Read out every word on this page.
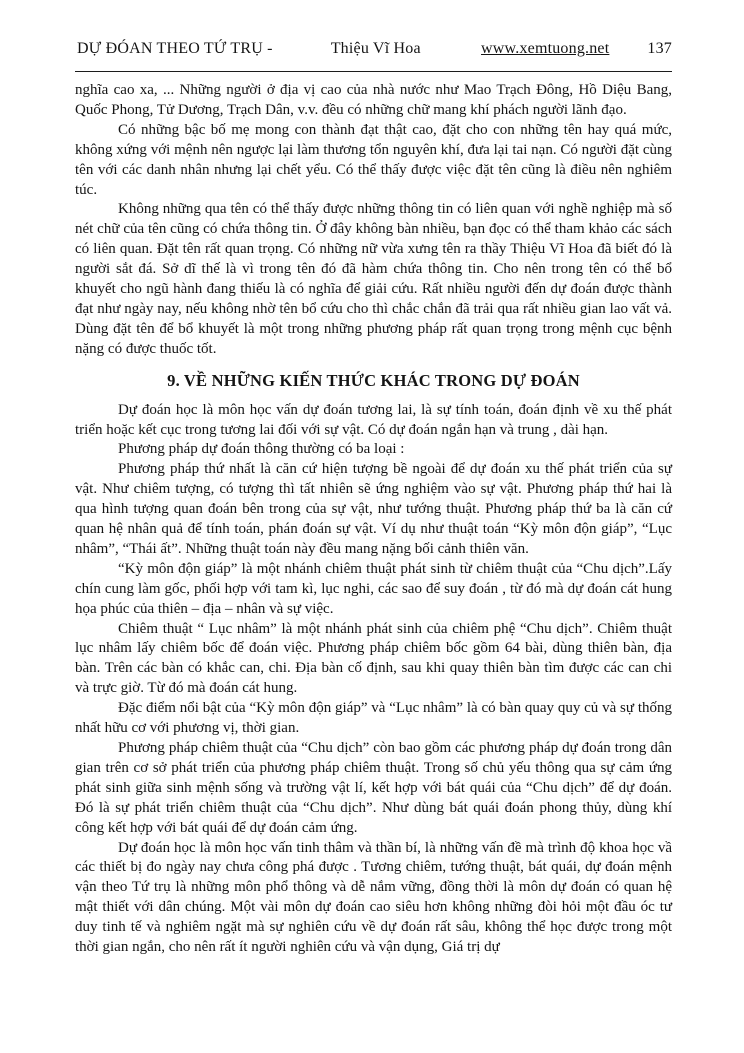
DỰ ĐÓAN THEO TỨ TRỤ -	Thiệu Vĩ Hoa	www.xemtuong.net 137

nghĩa cao xa, ... Những người ở địa vị cao của nhà nước như Mao Trạch Đông, Hồ Diệu Bang, Quốc Phong, Tử Dương, Trạch Dân, v.v. đều có những chữ mang khí phách người lãnh đạo.

Có những bậc bố mẹ mong con thành đạt thật cao, đặt cho con những tên hay quá mức, không xứng với mệnh nên ngược lại làm thương tổn nguyên khí, đưa lại tai nạn. Có người đặt cùng tên với các danh nhân nhưng lại chết yểu. Có thể thấy được việc đặt tên cũng là điều nên nghiêm túc.

Không những qua tên có thể thấy được những thông tin có liên quan với nghề nghiệp mà số nét chữ của tên cũng có chứa thông tin. Ở đây không bàn nhiều, bạn đọc có thể tham khảo các sách có liên quan. Đặt tên rất quan trọng. Có những nữ vừa xưng tên ra thầy Thiệu Vĩ Hoa đã biết đó là người sắt đá. Sở dĩ thế là vì trong tên đó đã hàm chứa thông tin. Cho nên trong tên có thể bổ khuyết cho ngũ hành đang thiếu là có nghĩa để giải cứu. Rất nhiều người đến dự đoán được thành đạt như ngày nay, nếu không nhờ tên bổ cứu cho thì chắc chắn đã trải qua rất nhiều gian lao vất vả. Dùng đặt tên để bổ khuyết là một trong những phương pháp rất quan trọng trong mệnh cục bệnh nặng có được thuốc tốt.

9. VỀ NHỮNG KIẾN THỨC KHÁC TRONG DỰ ĐOÁN

Dự đoán học là môn học vấn dự đoán tương lai, là sự tính toán, đoán định về xu thế phát triển hoặc kết cục trong tương lai đối với sự vật. Có dự đoán ngắn hạn và trung , dài hạn.

Phương pháp dự đoán thông thường có ba loại :

Phương pháp thứ nhất là căn cứ hiện tượng bề ngoài để dự đoán xu thế phát triển của sự vật. Như chiêm tượng, có tượng thì tất nhiên sẽ ứng nghiệm vào sự vật. Phương pháp thứ hai là qua hình tượng quan đoán bên trong của sự vật, như tướng thuật. Phương pháp thứ ba là căn cứ quan hệ nhân quả để tính toán, phán đoán sự vật. Ví dụ như thuật toán “Kỳ môn độn giáp”, “Lục nhâm”, “Thái ất”. Những thuật toán này đều mang nặng bối cảnh thiên văn.

“Kỳ môn độn giáp” là một nhánh chiêm thuật phát sinh từ chiêm thuật của “Chu dịch”.Lấy chín cung làm gốc, phối hợp với tam kì, lục nghi, các sao để suy đoán , từ đó mà dự đoán cát hung họa phúc của thiên – địa – nhân và sự việc.

Chiêm thuật “ Lục nhâm” là một nhánh phát sinh của chiêm phệ “Chu dịch”. Chiêm thuật lục nhâm lấy chiêm bốc để đoán việc. Phương pháp chiêm bốc gồm 64 bài, dùng thiên bàn, địa bàn. Trên các bàn có khắc can, chi. Địa bàn cố định, sau khi quay thiên bàn tìm được các can chi và trực giờ. Từ đó mà đoán cát hung.

Đặc điểm nổi bật của “Kỳ môn độn giáp” và “Lục nhâm” là có bàn quay quy củ và sự thống nhất hữu cơ với phương vị, thời gian.

Phương pháp chiêm thuật của “Chu dịch” còn bao gồm các phương pháp dự đoán trong dân gian trên cơ sở phát triển của phương pháp chiêm thuật. Trong số chủ yếu thông qua sự cảm ứng phát sinh giữa sinh mệnh sống và trường vật lí, kết hợp với bát quái của “Chu dịch” để dự đoán. Đó là sự phát triển chiêm thuật của “Chu dịch”. Như dùng bát quái đoán phong thủy, dùng khí công kết hợp với bát quái để dự đoán cảm ứng.

Dự đoán học là môn học vấn tinh thâm và thần bí, là những vấn đề mà trình độ khoa học vầ các thiết bị đo ngày nay chưa công phá được . Tương chiêm, tướng thuật, bát quái, dự đoán mệnh vận theo Tứ trụ là những môn phổ thông và dễ nắm vững, đồng thời là môn dự đoán có quan hệ mật thiết với dân chúng. Một vài môn dự đoán cao siêu hơn không những đòi hỏi một đầu óc tư duy tinh tế và nghiêm ngặt mà sự nghiên cứu về dự đoán rất sâu, không thể học được trong một thời gian ngắn, cho nên rất ít người nghiên cứu và vận dụng, Giá trị dự
